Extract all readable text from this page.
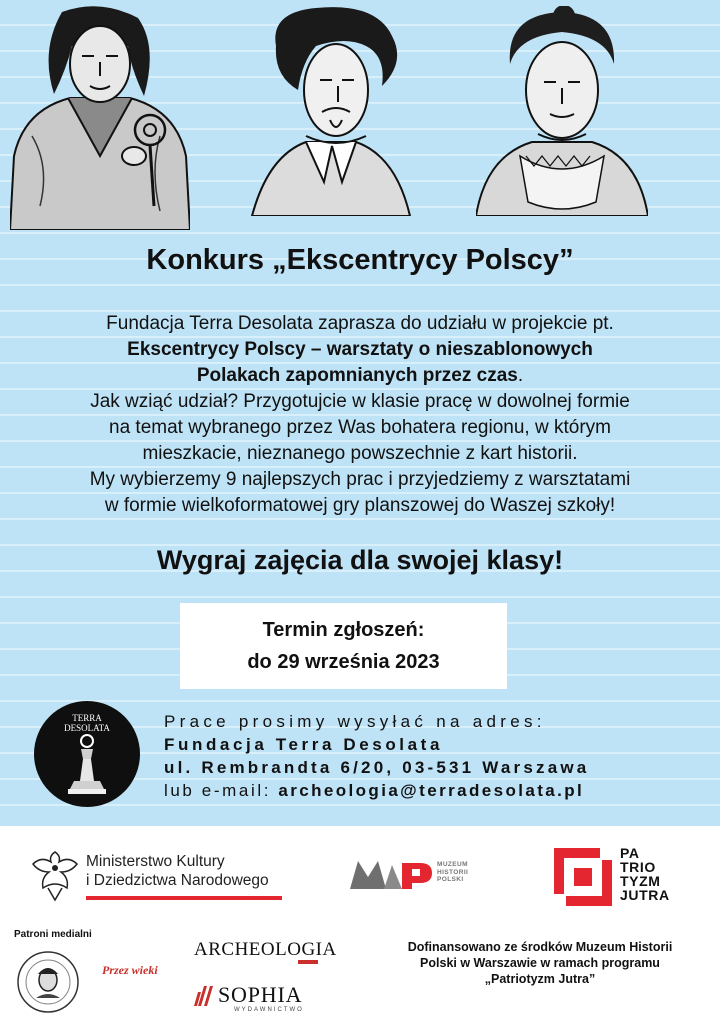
Konkurs „Ekscentrycy Polscy”
Fundacja Terra Desolata zaprasza do udziału w projekcie pt.
Ekscentrycy Polscy – warsztaty o nieszablonowych
Polakach zapomnianych przez czas.
Jak wziąć udział? Przygotujcie w klasie pracę w dowolnej formie
na temat wybranego przez Was bohatera regionu, w którym
mieszkacie, nieznanego powszechnie z kart historii.
My wybierzemy 9 najlepszych prac i przyjedziemy z warsztatami
w formie wielkoformatowej gry planszowej do Waszej szkoły!
Wygraj zajęcia dla swojej klasy!
Termin zgłoszeń:
do 29 września 2023
TERRA
DESOLATA	Prace prosimy wysyłać na adres:
Fundacja Terra Desolata
ul. Rembrandta 6/20, 03-531 Warszawa
lub e-mail: archeologia@terradesolata.pl
Ministerstwo Kultury
i Dziedzictwa Narodowego
MUZEUM
HISTORII
POLSKI
PA
TRIO
TYZM
JUTRA
Patroni medialni
Przez wieki
ARCHEOLOGIA
SOPHIA
WYDAWNICTWO
Dofinansowano ze środków Muzeum Historii
Polski w Warszawie w ramach programu
„Patriotyzm Jutra”
